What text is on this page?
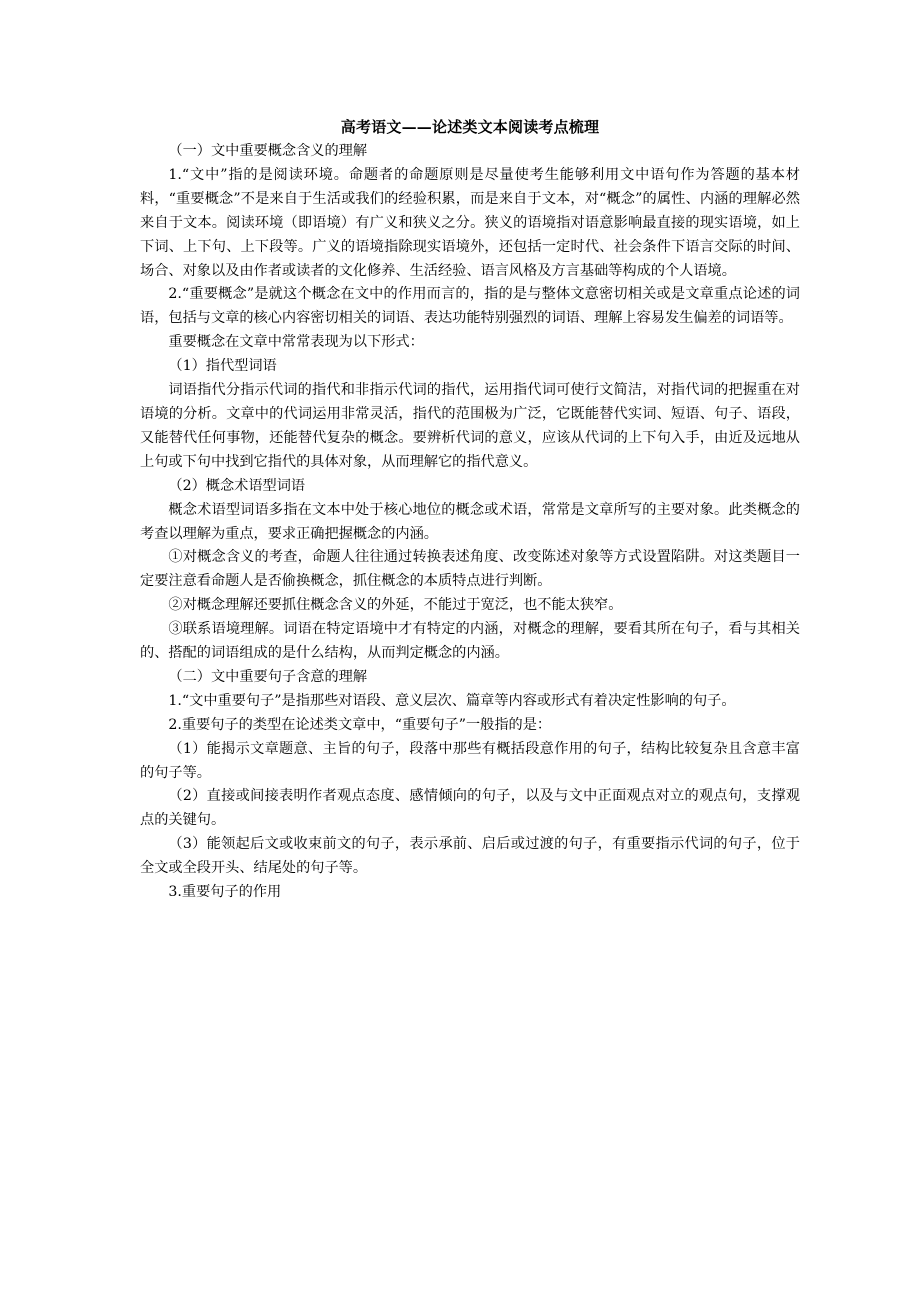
高考语文——论述类文本阅读考点梳理

（一）文中重要概念含义的理解

1.“文中”指的是阅读环境。命题者的命题原则是尽量使考生能够利用文中语句作为答题的基本材料，“重要概念”不是来自于生活或我们的经验积累，而是来自于文本，对“概念”的属性、内涵的理解必然来自于文本。阅读环境（即语境）有广义和狭义之分。狭义的语境指对语意影响最直接的现实语境，如上下词、上下句、上下段等。广义的语境指除现实语境外，还包括一定时代、社会条件下语言交际的时间、场合、对象以及由作者或读者的文化修养、生活经验、语言风格及方言基础等构成的个人语境。

2.“重要概念”是就这个概念在文中的作用而言的，指的是与整体文意密切相关或是文章重点论述的词语，包括与文章的核心内容密切相关的词语、表达功能特别强烈的词语、理解上容易发生偏差的词语等。

重要概念在文章中常常表现为以下形式：

（1）指代型词语

词语指代分指示代词的指代和非指示代词的指代，运用指代词可使行文简洁，对指代词的把握重在对语境的分析。文章中的代词运用非常灵活，指代的范围极为广泛，它既能替代实词、短语、句子、语段，又能替代任何事物，还能替代复杂的概念。要辨析代词的意义，应该从代词的上下句入手，由近及远地从上句或下句中找到它指代的具体对象，从而理解它的指代意义。

（2）概念术语型词语

概念术语型词语多指在文本中处于核心地位的概念或术语，常常是文章所写的主要对象。此类概念的考查以理解为重点，要求正确把握概念的内涵。

①对概念含义的考查，命题人往往通过转换表述角度、改变陈述对象等方式设置陷阱。对这类题目一定要注意看命题人是否偷换概念，抓住概念的本质特点进行判断。

②对概念理解还要抓住概念含义的外延，不能过于宽泛，也不能太狭窄。

③联系语境理解。词语在特定语境中才有特定的内涵，对概念的理解，要看其所在句子，看与其相关的、搭配的词语组成的是什么结构，从而判定概念的内涵。

（二）文中重要句子含意的理解

1.“文中重要句子”是指那些对语段、意义层次、篇章等内容或形式有着决定性影响的句子。

2.重要句子的类型在论述类文章中，“重要句子”一般指的是：

（1）能揭示文章题意、主旨的句子，段落中那些有概括段意作用的句子，结构比较复杂且含意丰富的句子等。

（2）直接或间接表明作者观点态度、感情倾向的句子，以及与文中正面观点对立的观点句，支撑观点的关键句。

（3）能领起后文或收束前文的句子，表示承前、启后或过渡的句子，有重要指示代词的句子，位于全文或全段开头、结尾处的句子等。

3.重要句子的作用
